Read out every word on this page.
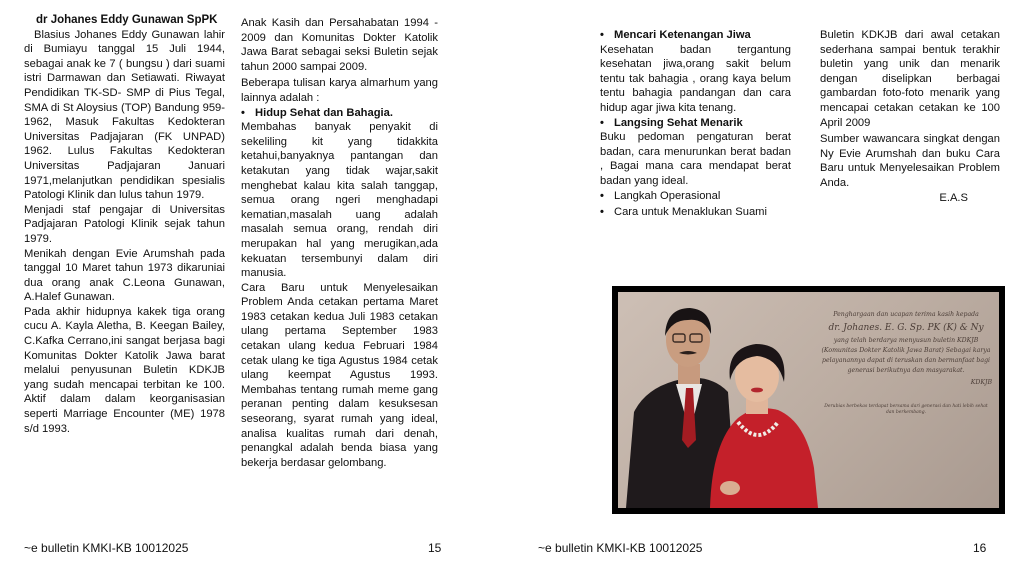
dr Johanes Eddy Gunawan SpPK

Blasius Johanes Eddy Gunawan lahir di Bumiayu tanggal 15 Juli 1944, sebagai anak ke 7 ( bungsu ) dari suami istri Darmawan dan Setiawati. Riwayat Pendidikan TK-SD- SMP di Pius Tegal, SMA di St Aloysius (TOP) Bandung 959-1962, Masuk Fakultas Kedokteran Universitas Padjajaran (FK UNPAD) 1962. Lulus Fakultas Kedokteran Universitas Padjajaran Januari 1971,melanjutkan pendidikan spesialis Patologi Klinik dan lulus tahun 1979.

Menjadi staf pengajar di Universitas Padjajaran Patologi Klinik sejak tahun 1979.

Menikah dengan Evie Arumshah pada tanggal 10 Maret tahun 1973 dikaruniai dua orang anak C.Leona Gunawan, A.Halef Gunawan.

Pada akhir hidupnya kakek tiga orang cucu A. Kayla Aletha, B. Keegan Bailey, C.Kafka Cerrano,ini sangat berjasa bagi Komunitas Dokter Katolik Jawa barat melalui penyusunan Buletin KDKJB yang sudah mencapai terbitan ke 100. Aktif dalam dalam keorganisasian seperti Marriage Encounter (ME) 1978 s/d 1993.

Anak Kasih dan Persahabatan 1994 - 2009 dan Komunitas Dokter Katolik Jawa Barat sebagai seksi Buletin sejak tahun 2000 sampai 2009.

Beberapa tulisan karya almarhum yang lainnya adalah :

• Hidup Sehat dan Bahagia.

Membahas banyak penyakit di sekeliling kit yang tidakkita ketahui,banyaknya pantangan dan ketakutan yang tidak wajar,sakit menghebat kalau kita salah tanggap, semua orang ngeri menghadapi kematian,masalah uang adalah masalah semua orang, rendah diri merupakan hal yang merugikan,ada kekuatan tersembunyi dalam diri manusia.

Cara Baru untuk Menyelesaikan Problem Anda cetakan pertama Maret 1983 cetakan kedua Juli 1983 cetakan ulang pertama September 1983 cetakan ulang kedua Februari 1984 cetak ulang ke tiga Agustus 1984 cetak ulang keempat Agustus 1993. Membahas tentang rumah meme gang peranan penting dalam kesuksesan seseorang, syarat rumah yang ideal, analisa kualitas rumah dari denah, penangkal adalah benda biasa yang bekerja berdasar gelombang.

• Mencari Ketenangan Jiwa

Kesehatan badan tergantung kesehatan jiwa,orang sakit belum tentu tak bahagia , orang kaya belum tentu bahagia pandangan dan cara hidup agar jiwa kita tenang.

• Langsing Sehat Menarik

Buku pedoman pengaturan berat badan, cara menurunkan berat badan , Bagai mana cara mendapat berat badan yang ideal.

• Langkah Operasional

• Cara untuk Menaklukan Suami

Buletin KDKJB dari awal cetakan sederhana sampai bentuk terakhir buletin yang unik dan menarik dengan diselipkan berbagai gambardan foto-foto menarik yang mencapai cetakan cetakan ke 100 April 2009

Sumber wawancara singkat dengan Ny Evie Arumshah dan buku Cara Baru untuk Menyelesaikan Problem Anda.

E.A.S

Penghargaan dan ucapan terima kasih kepada
dr. Johanes. E. G. Sp. PK (K) & Ny
yang telah berdarya menyusun buletin KDKJB (Komunitas Dokter Katolik Jawa Barat) Sebagai karya pelayanannya dapat di teruskan dan bermanfaat bagi generasi berikutnya dan masyarakat.
KDKJB
Derubias berbekas terdapat bersama dari generasi dan hati lebih sehat dan berkembang.
~e bulletin KMKI-KB 10012025	15	~e bulletin KMKI-KB 10012025	16
